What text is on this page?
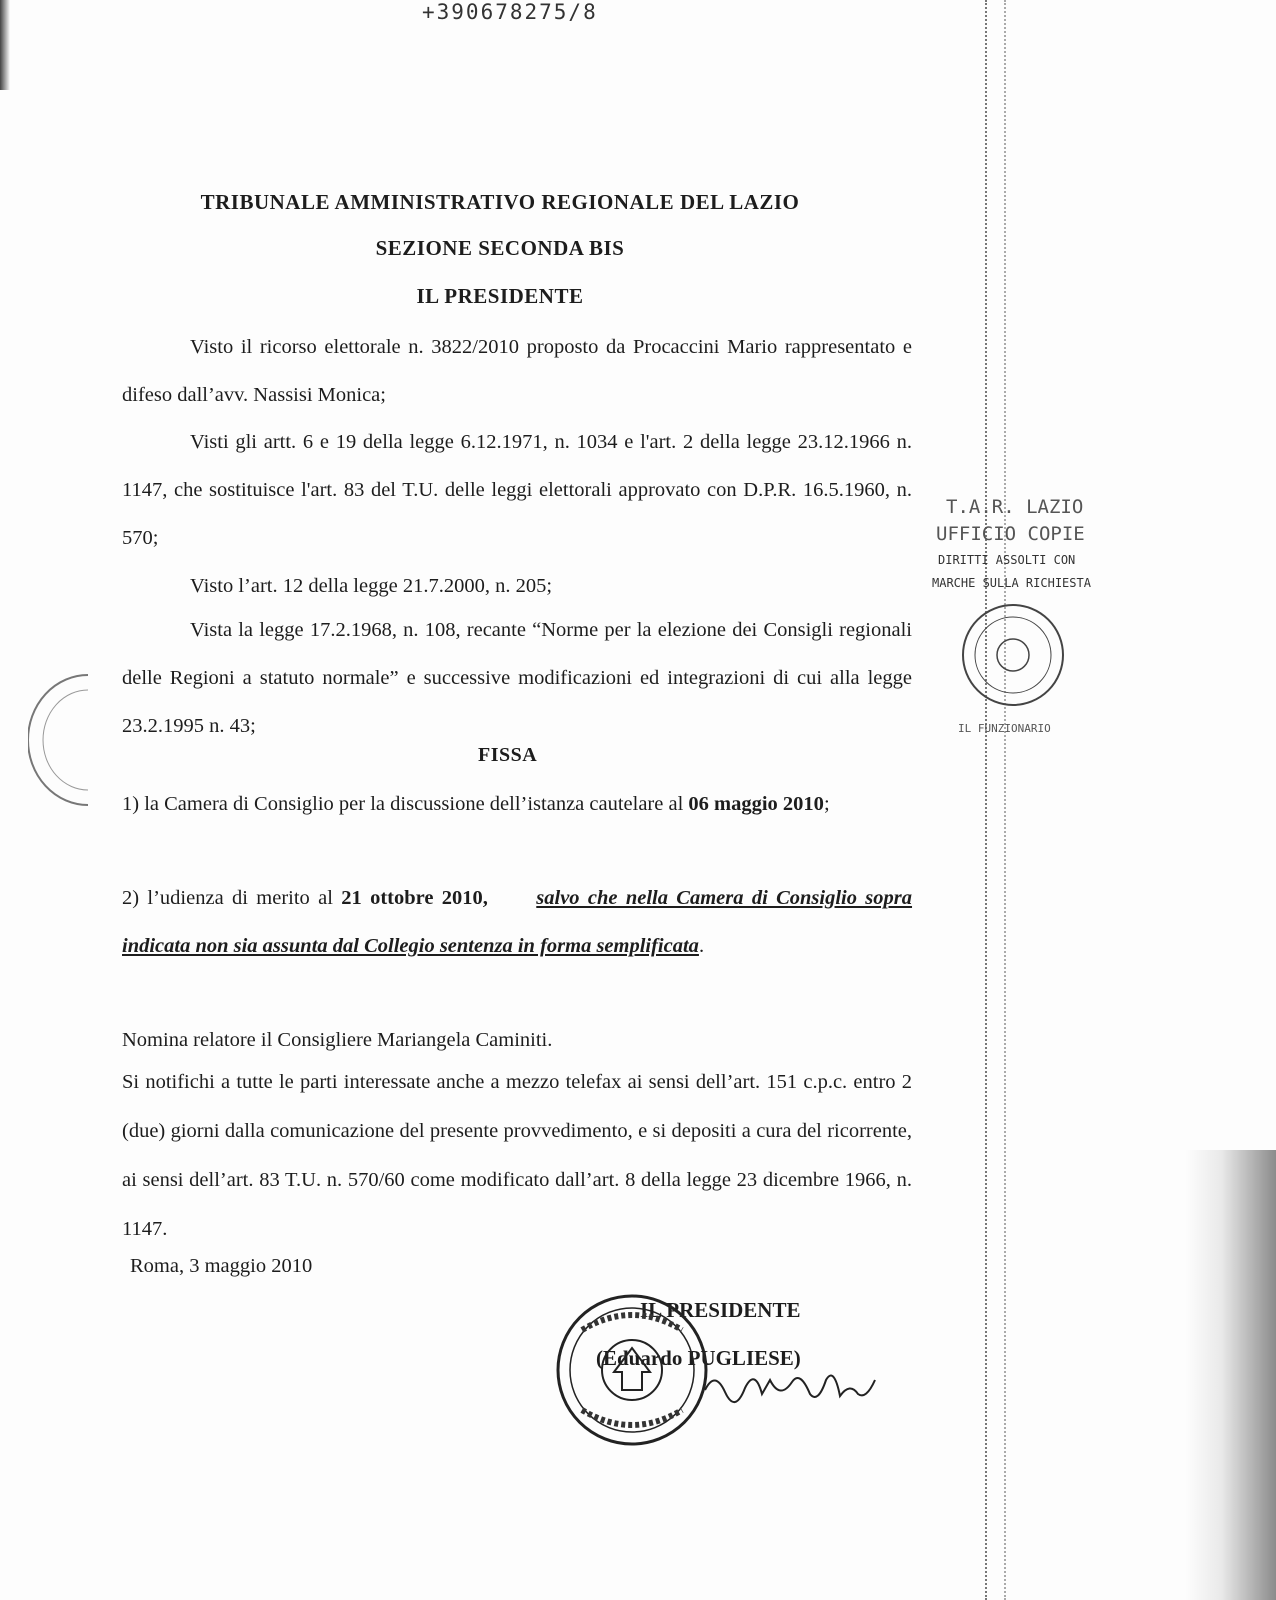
+390678275/8
TRIBUNALE AMMINISTRATIVO REGIONALE DEL LAZIO
SEZIONE SECONDA BIS
IL PRESIDENTE
Visto il ricorso elettorale n. 3822/2010 proposto da Procaccini Mario rappresentato e difeso dall’avv. Nassisi Monica;
Visti gli artt. 6 e 19 della legge 6.12.1971, n. 1034 e l'art. 2 della legge 23.12.1966 n. 1147, che sostituisce l'art. 83 del T.U. delle leggi elettorali approvato con D.P.R. 16.5.1960, n. 570;
Visto l’art. 12 della legge 21.7.2000, n. 205;
Vista la legge 17.2.1968, n. 108, recante “Norme per la elezione dei Consigli regionali delle Regioni a statuto normale” e successive modificazioni ed integrazioni di cui alla legge 23.2.1995 n. 43;
FISSA
1) la Camera di Consiglio per la discussione dell’istanza cautelare al 06 maggio 2010;
2) l’udienza di merito al 21 ottobre 2010, salvo che nella Camera di Consiglio sopra indicata non sia assunta dal Collegio sentenza in forma semplificata.
Nomina relatore il Consigliere Mariangela Caminiti.
Si notifichi a tutte le parti interessate anche a mezzo telefax ai sensi dell’art. 151 c.p.c. entro 2 (due) giorni dalla comunicazione del presente provvedimento, e si depositi a cura del ricorrente, ai sensi dell’art. 83 T.U. n. 570/60 come modificato dall’art. 8 della legge 23 dicembre 1966, n. 1147.
Roma, 3 maggio 2010
IL PRESIDENTE
(Eduardo PUGLIESE)
T.A.R. LAZIO
UFFICIO COPIE
DIRITTI ASSOLTI CON
MARCHE SULLA RICHIESTA
IL FUNZIONARIO
